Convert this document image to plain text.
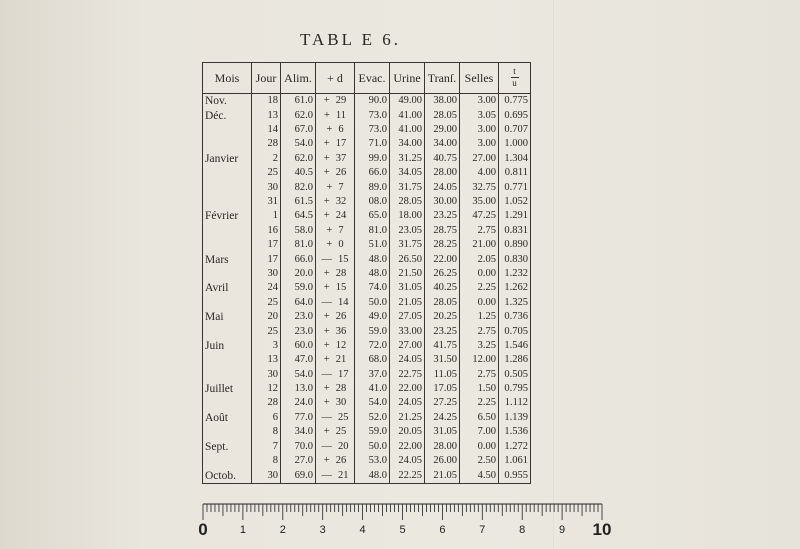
TABL E 6.
Mois	Jour	Alim.	+ d	Evac.	Urine	Tranſ.	Selles	$\frac{t}{u}$

Nov.	18	61.0	+ 29	90.0	49.00	38.00	3.00	0.775
Déc.	13	62.0	+ 11	73.0	41.00	28.05	3.05	0.695
	14	67.0	+ 6	73.0	41.00	29.00	3.00	0.707
	28	54.0	+ 17	71.0	34.00	34.00	3.00	1.000
Janvier	2	62.0	+ 37	99.0	31.25	40.75	27.00	1.304
	25	40.5	+ 26	66.0	34.05	28.00	4.00	0.811
	30	82.0	+ 7	89.0	31.75	24.05	32.75	0.771
	31	61.5	+ 32	08.0	28.05	30.00	35.00	1.052
Février	1	64.5	+ 24	65.0	18.00	23.25	47.25	1.291
	16	58.0	+ 7	81.0	23.05	28.75	2.75	0.831
	17	81.0	+ 0	51.0	31.75	28.25	21.00	0.890
Mars	17	66.0	— 15	48.0	26.50	22.00	2.05	0.830
	30	20.0	+ 28	48.0	21.50	26.25	0.00	1.232
Avril	24	59.0	+ 15	74.0	31.05	40.25	2.25	1.262
	25	64.0	— 14	50.0	21.05	28.05	0.00	1.325
Mai	20	23.0	+ 26	49.0	27.05	20.25	1.25	0.736
	25	23.0	+ 36	59.0	33.00	23.25	2.75	0.705
Juin	3	60.0	+ 12	72.0	27.00	41.75	3.25	1.546
	13	47.0	+ 21	68.0	24.05	31.50	12.00	1.286
	30	54.0	— 17	37.0	22.75	11.05	2.75	0.505
Juillet	12	13.0	+ 28	41.0	22.00	17.05	1.50	0.795
	28	24.0	+ 30	54.0	24.05	27.25	2.25	1.112
Août	6	77.0	— 25	52.0	21.25	24.25	6.50	1.139
	8	34.0	+ 25	59.0	20.05	31.05	7.00	1.536
Sept.	7	70.0	— 20	50.0	22.00	28.00	0.00	1.272
	8	27.0	+ 26	53.0	24.05	26.00	2.50	1.061
Octob.	30	69.0	— 21	48.0	22.25	21.05	4.50	0.955
0	1	2	3	4	5	6	7	8	9 10
